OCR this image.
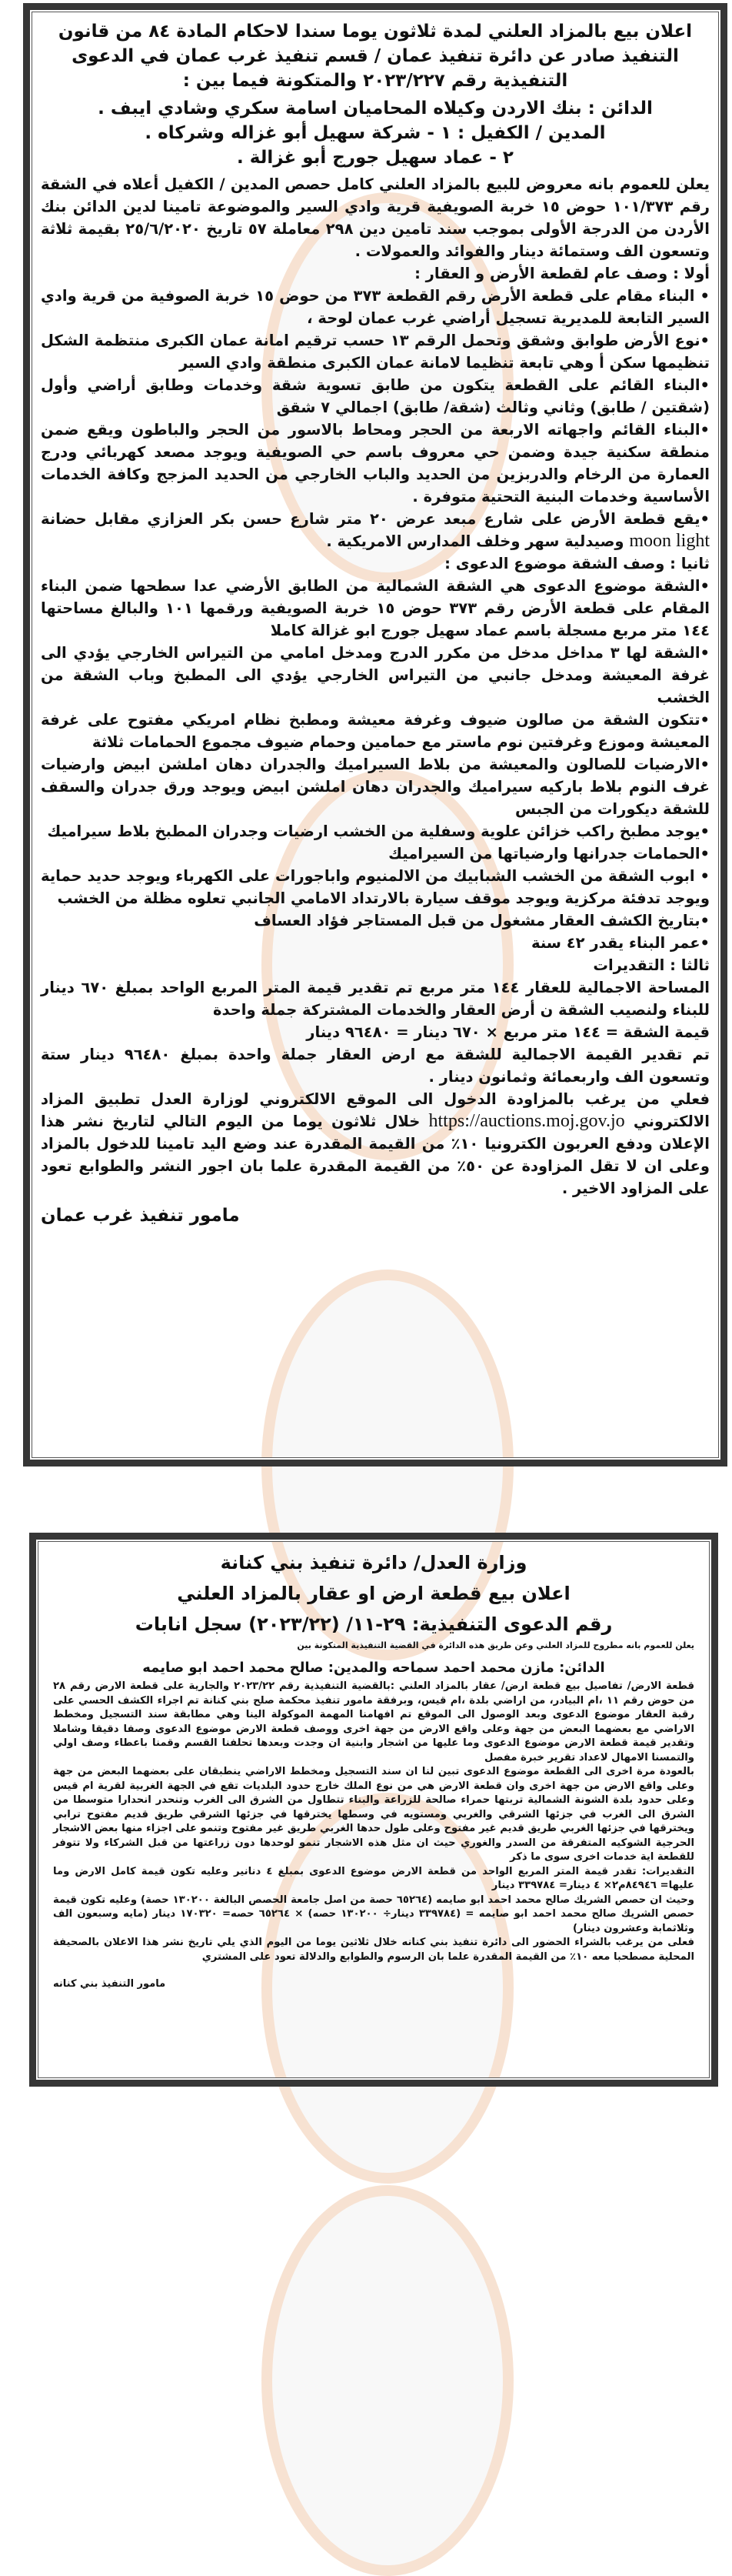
اعلان بيع بالمزاد العلني لمدة ثلاثون يوما سندا لاحكام المادة ٨٤ من قانون التنفيذ صادر عن دائرة تنفيذ عمان / قسم تنفيذ غرب عمان في الدعوى التنفيذية رقم ٢٠٢٣/٢٢٧ والمتكونة فيما بين :

الدائن : بنك الاردن وكيلاه المحاميان اسامة سكري وشادي ايبف .

المدين / الكفيل : ١ - شركة سهيل أبو غزاله وشركاه .

٢ - عماد سهيل جورج أبو غزالة .

يعلن للعموم بانه معروض للبيع بالمزاد العلني كامل حصص المدين / الكفيل أعلاه في الشقة رقم ١٠١/٣٧٣ حوض ١٥ خربة الصويفية قرية وادي السير والموضوعة تامينا لدين الدائن بنك الأردن من الدرجة الأولى بموجب سند تامين دين ٢٩٨ معاملة ٥٧ تاريخ ٢٥/٦/٢٠٢٠ بقيمة ثلاثة وتسعون الف وستمائة دينار والفوائد والعمولات .

أولا : وصف عام لقطعة الأرض و العقار :

• البناء مقام على قطعة الأرض رقم القطعة ٣٧٣ من حوض ١٥ خربة الصوفية من قرية وادي السير التابعة للمديرية تسجيل أراضي غرب عمان لوحة ،

•نوع الأرض طوابق وشقق وتحمل الرقم ١٣ حسب ترقيم امانة عمان الكبرى منتظمة الشكل تنظيمها سكن أ وهي تابعة تنظيما لامانة عمان الكبرى منطقة وادي السير

•البناء القائم على القطعة يتكون من طابق تسوية شقة وخدمات وطابق أراضي وأول (شقتين / طابق) وثاني وثالث (شقة/ طابق) اجمالي ٧ شقق

•البناء القائم واجهاته الاربعة من الحجر ومحاط بالاسور من الحجر والباطون ويقع ضمن منطقة سكنية جيدة وضمن حي معروف باسم حي الصويفية ويوجد مصعد كهربائي ودرج العمارة من الرخام والدربزين من الحديد والباب الخارجي من الحديد المزجج وكافة الخدمات الأساسية وخدمات البنية التحتية متوفرة .

•يقع قطعة الأرض على شارع مبعد عرض ٢٠ متر شارع حسن بكر العزازي مقابل حضانة moon light وصيدلية سهر وخلف المدارس الامريكية .

ثانيا : وصف الشقة موضوع الدعوى :

•الشقة موضوع الدعوى هي الشقة الشمالية من الطابق الأرضي عدا سطحها ضمن البناء المقام على قطعة الأرض رقم ٣٧٣ حوض ١٥ خربة الصويفية ورقمها ١٠١ والبالغ مساحتها ١٤٤ متر مربع مسجلة باسم عماد سهيل جورج ابو غزالة كاملا

•الشقة لها ٣ مداخل مدخل من مكرر الدرج ومدخل امامي من التيراس الخارجي يؤدي الى غرفة المعيشة ومدخل جانبي من التيراس الخارجي يؤدي الى المطبخ وباب الشقة من الخشب

•تتكون الشقة من صالون ضيوف وغرفة معيشة ومطبخ نظام امريكي مفتوح على غرفة المعيشة وموزع وغرفتين نوم ماستر مع حمامين وحمام ضيوف مجموع الحمامات ثلاثة

•الارضيات للصالون والمعيشة من بلاط السيراميك والجدران دهان املشن ابيض وارضيات غرف النوم بلاط باركيه سيراميك والجدران دهان املشن ابيض ويوجد ورق جدران والسقف للشقة ديكورات من الجبس

•يوجد مطبخ راكب خزائن علوية وسفلية من الخشب ارضيات وجدران المطبخ بلاط سيراميك

•الحمامات جدرانها وارضياتها من السيراميك

• ابوب الشقة من الخشب الشبابيك من الالمنيوم واباجورات على الكهرباء ويوجد حديد حماية ويوجد تدفئة مركزية ويوجد موقف سيارة بالارتداد الامامي الجانبي تعلوه مظلة من الخشب

•بتاريخ الكشف العقار مشغول من قبل المستاجر فؤاد العساف

•عمر البناء يقدر ٤٢ سنة

ثالثا : التقديرات

المساحة الاجمالية للعقار ١٤٤ متر مربع تم تقدير قيمة المتر المربع الواحد بمبلغ ٦٧٠ دينار للبناء ولنصيب الشقة ن أرض العقار والخدمات المشتركة جملة واحدة

قيمة الشقة = ١٤٤ متر مربع × ٦٧٠ دينار = ٩٦٤٨٠ دينار

تم تقدير القيمة الاجمالية للشقة مع ارض العقار جملة واحدة بمبلغ ٩٦٤٨٠ دينار ستة وتسعون الف واربعمائة وثمانون دينار .

فعلي من يرغب بالمزاودة الدخول الى الموقع الالكتروني لوزارة العدل تطبيق المزاد الالكتروني https://auctions.moj.gov.jo خلال ثلاثون يوما من اليوم التالي لتاريخ نشر هذا الإعلان ودفع العربون الكترونيا ١٠٪ من القيمة المقدرة عند وضع اليد تامينا للدخول بالمزاد وعلى ان لا تقل المزاودة عن ٥٠٪ من القيمة المقدرة علما بان اجور النشر والطوابع تعود على المزاود الاخير .

مامور تنفيذ غرب عمان

وزارة العدل/ دائرة تنفيذ بني كنانة

اعلان بيع قطعة ارض او عقار بالمزاد العلني

رقم الدعوى التنفيذية: ٢٩-١١/ (٢٠٢٣/٢٢) سجل انابات

يعلن للعموم بانه مطروح للمزاد العلني وعن طريق هذه الدائرة في القضية التنفيذية المتكونة بين

الدائن: مازن محمد احمد سماحه والمدين: صالح محمد احمد ابو صايمه

قطعة الارض/ تفاصيل بيع قطعة ارض/ عقار بالمزاد العلني :بالقضية التنفيذية رقم ٢٠٢٣/٢٢ والجارية على قطعة الارض رقم ٢٨ من حوض رقم ١١ ،ام البيادر، من اراضي بلدة ،ام قيس، وبرفقة مامور تنفيذ محكمة صلح بني كنانة تم اجراء الكشف الحسي على رقبة العقار موضوع الدعوى وبعد الوصول الى الموقع تم افهامنا المهمة الموكولة الينا وهي مطابقة سند التسجيل ومخطط الاراضي مع بعضهما البعض من جهة وعلى واقع الارض من جهة اخرى ووصف قطعة الارض موضوع الدعوى وصفا دقيقا وشاملا وتقدير قيمة قطعة الارض موضوع الدعوى وما عليها من اشجار وابنية ان وجدت وبعدها تحلفنا القسم وقمنا باعطاء وصف اولي والتمسنا الامهال لاعداد تقرير خبرة مفصل

بالعودة مرة اخرى الى القطعة موضوع الدعوى تبين لنا ان سند التسجيل ومخطط الاراضي ينطبقان على بعضهما البعض من جهة وعلى واقع الارض من جهة اخرى وان قطعة الارض هي من نوع الملك خارج حدود البلديات تقع في الجهة الغربية لقرية ام قيس وعلى حدود بلدة الشونة الشمالية تربتها حمراء صالحة للزراعة والبناء تتطاول من الشرق الى الغرب وتنحدر انحدارا متوسطا من الشرق الى الغرب في جزئها الشرقي والغربي ومستويه في وسطها يخترقها في جزئها الشرقي طريق قديم مفتوح ترابي ويخترقها في جزئها الغربي طريق قديم غير مفتوح وعلى طول حدها الغربي طريق غير مفتوح وتنمو على اجزاء منها بعض الاشجار الحرجية الشوكيه المتفرقة من السدر والغوري حيث ان مثل هذه الاشجار تنمو لوحدها دون زراعتها من قبل الشركاء ولا تتوفر للقطعة اية خدمات اخرى سوى ما ذكر

التقديرات: تقدر قيمة المتر المربع الواحد من قطعة الارض موضوع الدعوى بمبلغ ٤ دنانير وعليه تكون قيمة كامل الارض وما عليها= ٨٤٩٤٦م٢× ٤ دينار= ٣٣٩٧٨٤ دينار

وحيث ان حصص الشريك صالح محمد احمد ابو صايمه (٦٥٢٦٤ حصة من اصل جامعة الحصص البالغة ١٣٠٢٠٠ حصة) وعليه تكون قيمة حصص الشريك صالح محمد احمد ابو صايمه = (٣٣٩٧٨٤ دينار÷ ١٣٠٢٠٠ حصه) × ٦٥٢٦٤ حصه= ١٧٠٣٢٠ دينار (مايه وسبعون الف وثلاثمابة وعشرون دينار)

فعلى من يرغب بالشراء الحضور الى دائرة تنفيذ بني كنانه خلال ثلاثين يوما من اليوم الذي يلي تاريخ نشر هذا الاعلان بالصحيفة المحلية مصطحبا معه ١٠٪ من القيمة المقدرة علما بان الرسوم والطوابع والدلالة تعود على المشتري

مامور التنفيذ بني كنانه
